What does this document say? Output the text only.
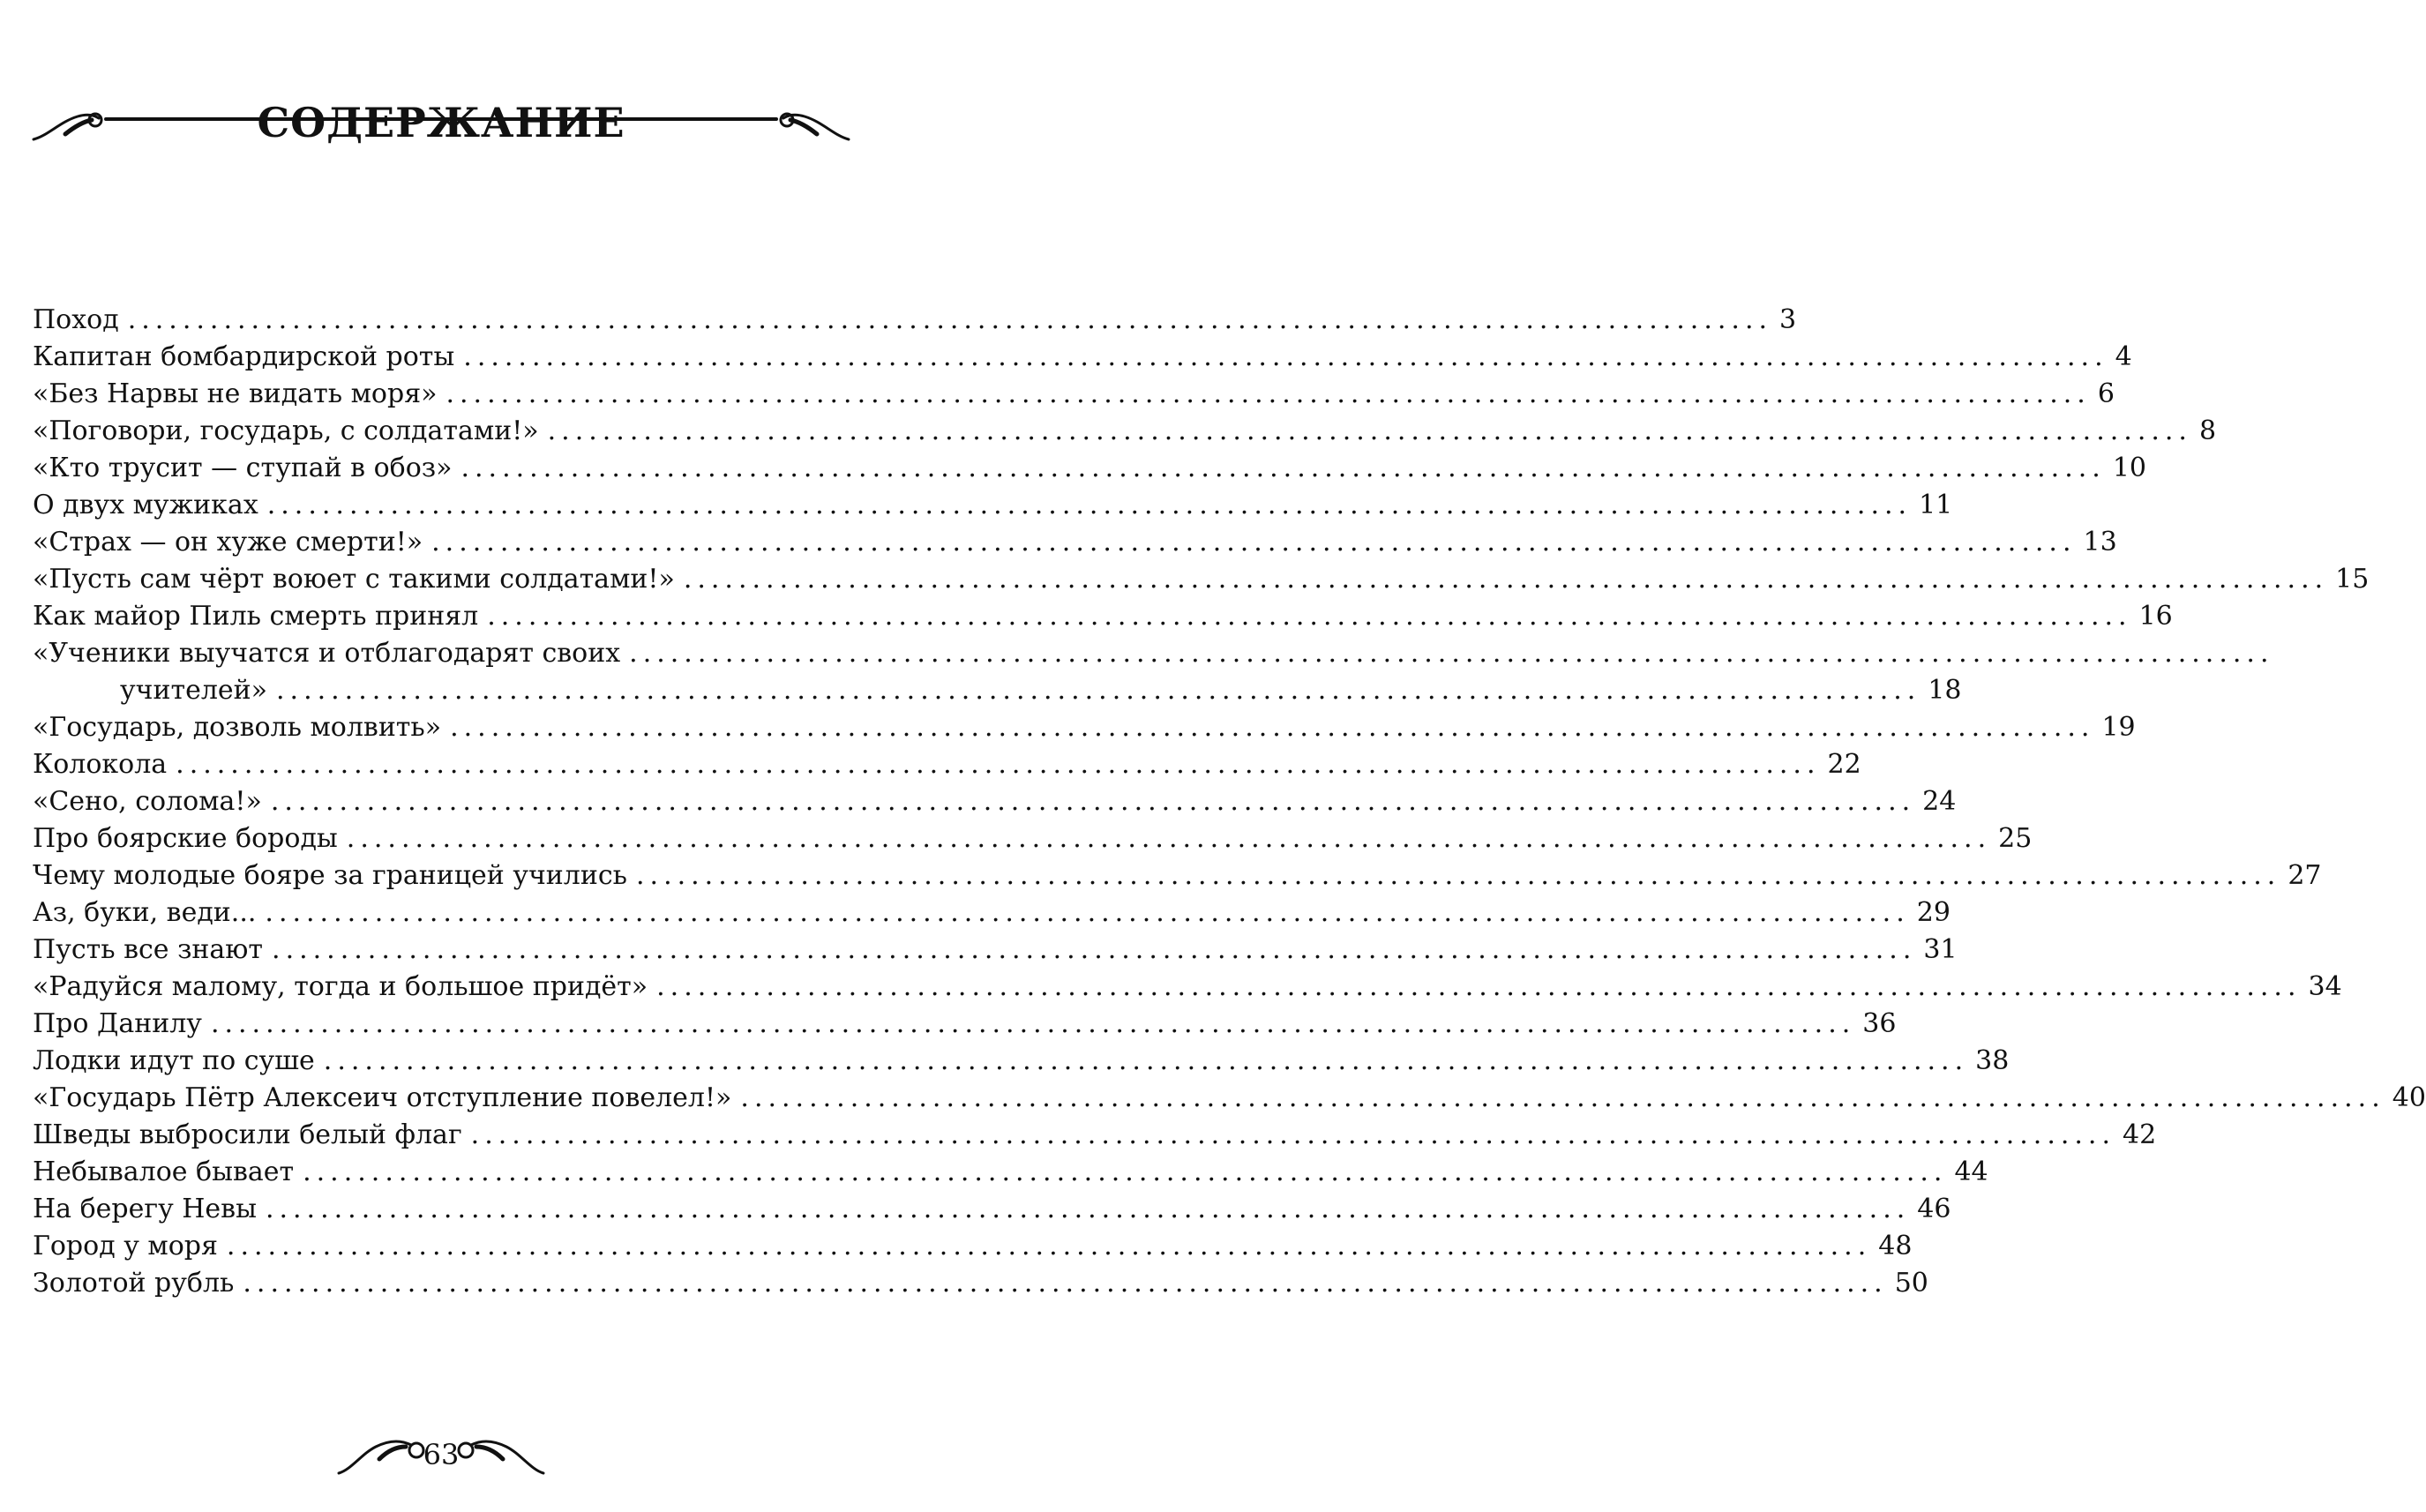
СОДЕРЖАНИЕ
Поход ........................................................................................................................ 3
Капитан бомбардирской роты ........................................................................................................................ 4
«Без Нарвы не видать моря» ........................................................................................................................ 6
«Поговори, государь, с солдатами!» ........................................................................................................................ 8
«Кто трусит — ступай в обоз» ........................................................................................................................ 10
О двух мужиках ........................................................................................................................ 11
«Страх — он хуже смерти!» ........................................................................................................................ 13
«Пусть сам чёрт воюет с такими солдатами!» ........................................................................................................................ 15
Как майор Пиль смерть принял ........................................................................................................................ 16
«Ученики выучатся и отблагодарят своих ........................................................................................................................
учителей» ........................................................................................................................ 18
«Государь, дозволь молвить» ........................................................................................................................ 19
Колокола ........................................................................................................................ 22
«Сено, солома!» ........................................................................................................................ 24
Про боярские бороды ........................................................................................................................ 25
Чему молодые бояре за границей учились ........................................................................................................................ 27
Аз, буки, веди... ........................................................................................................................ 29
Пусть все знают ........................................................................................................................ 31
«Радуйся малому, тогда и большое придёт» ........................................................................................................................ 34
Про Данилу ........................................................................................................................ 36
Лодки идут по суше ........................................................................................................................ 38
«Государь Пётр Алексеич отступление повелел!» ........................................................................................................................ 40
Шведы выбросили белый флаг ........................................................................................................................ 42
Небывалое бывает ........................................................................................................................ 44
На берегу Невы ........................................................................................................................ 46
Город у моря ........................................................................................................................ 48
Золотой рубль ........................................................................................................................ 50
63
